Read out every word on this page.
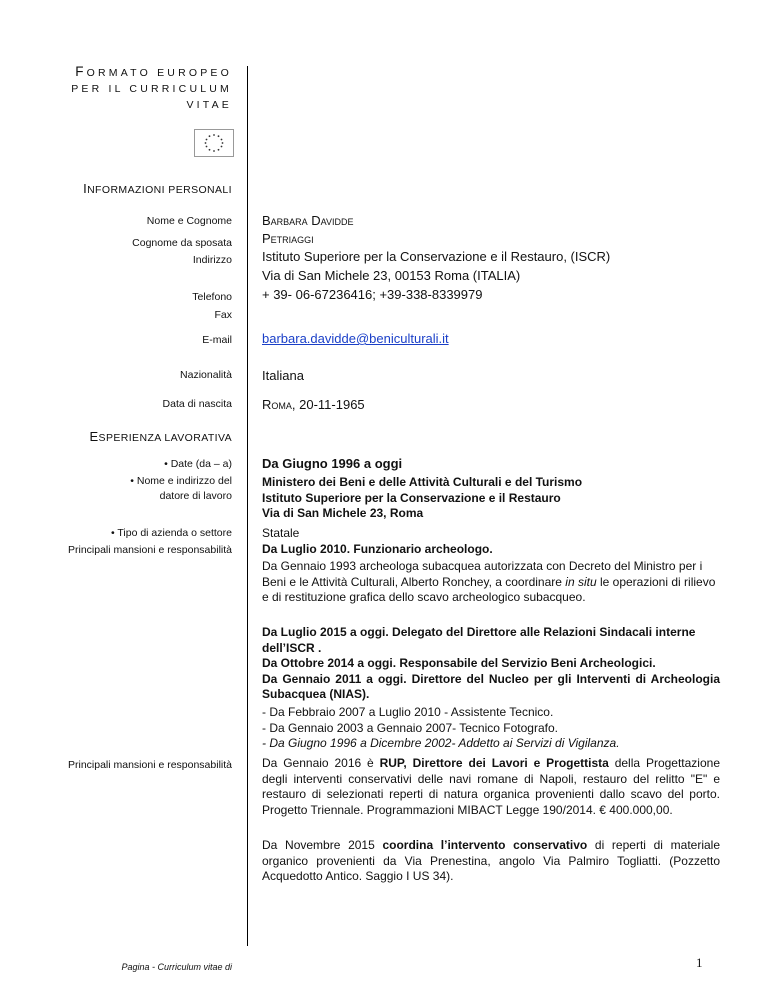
FORMATO EUROPEO
PER IL CURRICULUM
VITAE
INFORMAZIONI PERSONALI
Nome e Cognome
Cognome da sposata
Indirizzo
Telefono
Fax
E-mail
Nazionalità
Data di nascita
Barbara Davidde
Petriaggi
Istituto Superiore per la Conservazione e il Restauro, (ISCR)
Via di San Michele 23, 00153 Roma (ITALIA)
+ 39- 06-67236416; +39-338-8339979
barbara.davidde@beniculturali.it
Italiana
Roma, 20-11-1965
ESPERIENZA LAVORATIVA
• Date (da – a)
• Nome e indirizzo del datore di lavoro
• Tipo di azienda o settore
Principali mansioni e responsabilità
Da Giugno 1996 a oggi
Ministero dei Beni e delle Attività Culturali e del Turismo
Istituto Superiore per la Conservazione e il Restauro
Via di San Michele 23, Roma
Statale
Da Luglio 2010. Funzionario archeologo.
Da Gennaio 1993 archeologa subacquea autorizzata con Decreto del Ministro per i Beni e le Attività Culturali, Alberto Ronchey, a coordinare in situ le operazioni di rilievo e di restituzione grafica dello scavo archeologico subacqueo.
Da Luglio 2015 a oggi. Delegato del Direttore alle Relazioni Sindacali interne dell’ISCR .
Da Ottobre 2014 a oggi. Responsabile del Servizio Beni Archeologici.
Da Gennaio 2011 a oggi. Direttore del Nucleo per gli Interventi di Archeologia Subacquea (NIAS).
- Da Febbraio 2007 a Luglio 2010 - Assistente Tecnico.
- Da Gennaio 2003 a Gennaio 2007- Tecnico Fotografo.
- Da Giugno 1996 a Dicembre 2002- Addetto ai Servizi di Vigilanza.
Principali mansioni e responsabilità	Da Gennaio 2016 è RUP, Direttore dei Lavori e Progettista della Progettazione degli interventi conservativi delle navi romane di Napoli, restauro del relitto "E" e restauro di selezionati reperti di natura organica provenienti dallo scavo del porto. Progetto Triennale. Programmazioni MIBACT Legge 190/2014. € 400.000,00.
Da Novembre 2015 coordina l’intervento conservativo di reperti di materiale organico provenienti da Via Prenestina, angolo Via Palmiro Togliatti. (Pozzetto Acquedotto Antico. Saggio I US 34).
Pagina - Curriculum vitae di	1
